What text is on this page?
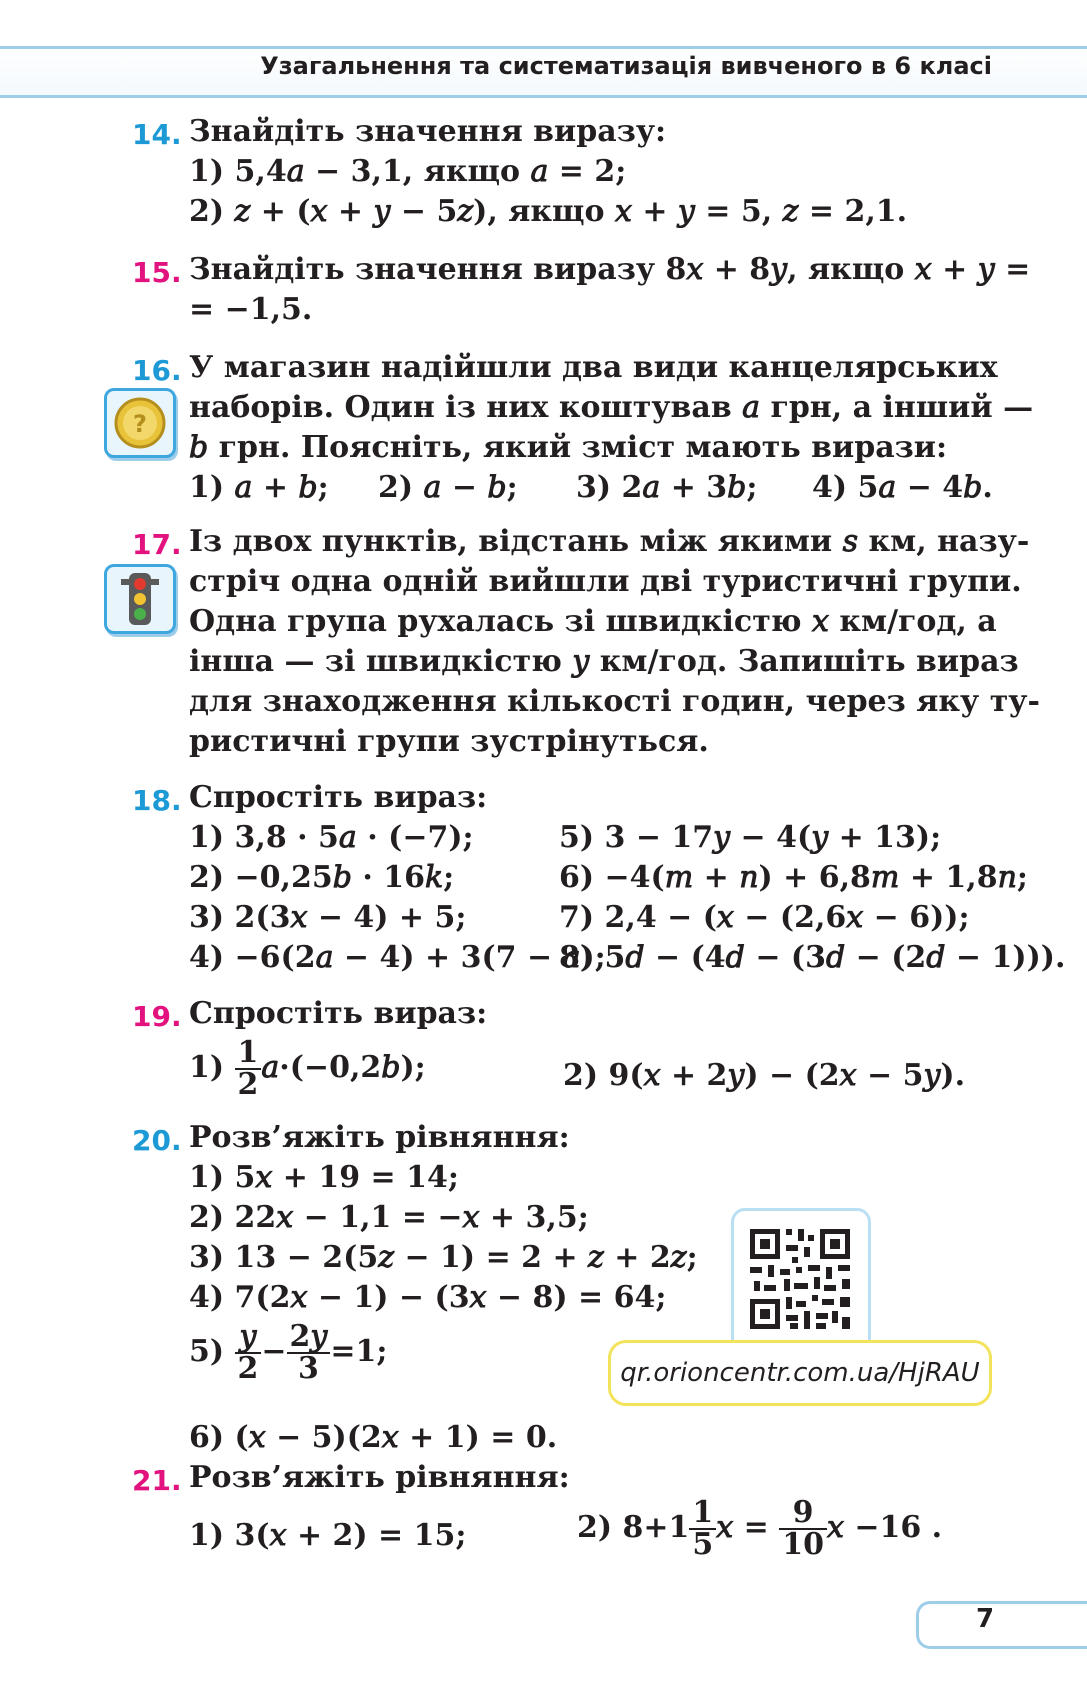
Узагальнення та систематизація вивченого в 6 класі
14. Знайдіть значення виразу:
1) 5,4𝑎 − 3,1, якщо 𝑎 = 2;
2) 𝑧 + (𝑥 + 𝑦 − 5𝑧), якщо 𝑥 + 𝑦 = 5, 𝑧 = 2,1.
15. Знайдіть значення виразу 8𝑥 + 8𝑦, якщо 𝑥 + 𝑦 =
= −1,5.
?
16. У магазин надійшли два види канцелярських
наборів. Один із них коштував 𝑎 грн, а інший —
𝑏 грн. Поясніть, який зміст мають вирази:
1) 𝑎 + 𝑏; 2) 𝑎 − 𝑏; 3) 2𝑎 + 3𝑏; 4) 5𝑎 − 4𝑏.
17. Із двох пунктів, відстань між якими 𝑠 км, назу-
стріч одна одній вийшли дві туристичні групи.
Одна група рухалась зі швидкістю 𝑥 км/год, а
інша — зі швидкістю 𝑦 км/год. Запишіть вираз
для знаходження кількості годин, через яку ту-
ристичні групи зустрінуться.
18. Спростіть вираз:
1) 3,8 · 5𝑎 · (−7);
2) −0,25𝑏 · 16𝑘;
3) 2(3𝑥 − 4) + 5;
4) −6(2𝑎 − 4) + 3(7 − 𝑎);
5) 3 − 17𝑦 − 4(𝑦 + 13);
6) −4(𝑚 + 𝑛) + 6,8𝑚 + 1,8𝑛;
7) 2,4 − (𝑥 − (2,6𝑥 − 6));
8) 5𝑑 − (4𝑑 − (3𝑑 − (2𝑑 − 1))).
19. Спростіть вираз:
$1) \frac{1}{2}$ 𝑎·(−0,2𝑏);	2) 9(𝑥 + 2𝑦) − (2𝑥 − 5𝑦).
20. Розв’яжіть рівняння:
1) 5𝑥 + 19 = 14;
2) 22𝑥 − 1,1 = −𝑥 + 3,5;
3) 13 − 2(5𝑧 − 1) = 2 + 𝑧 + 2𝑧;
4) 7(2𝑥 − 1) − (3𝑥 − 8) = 64;
$5) \frac{\text{𝑦}}{2} - \frac{\text{2𝑦}}{3} =1$;
6) (𝑥 − 5)(2𝑥 + 1) = 0.
qr.orioncentr.com.ua/HjRAU
21. Розв’яжіть рівняння:
1) 3(𝑥 + 2) = 15;	2) $8+1 \frac{1}{5}$ 𝑥 = $\frac{9}{10}$ 𝑥 −16 .
7
